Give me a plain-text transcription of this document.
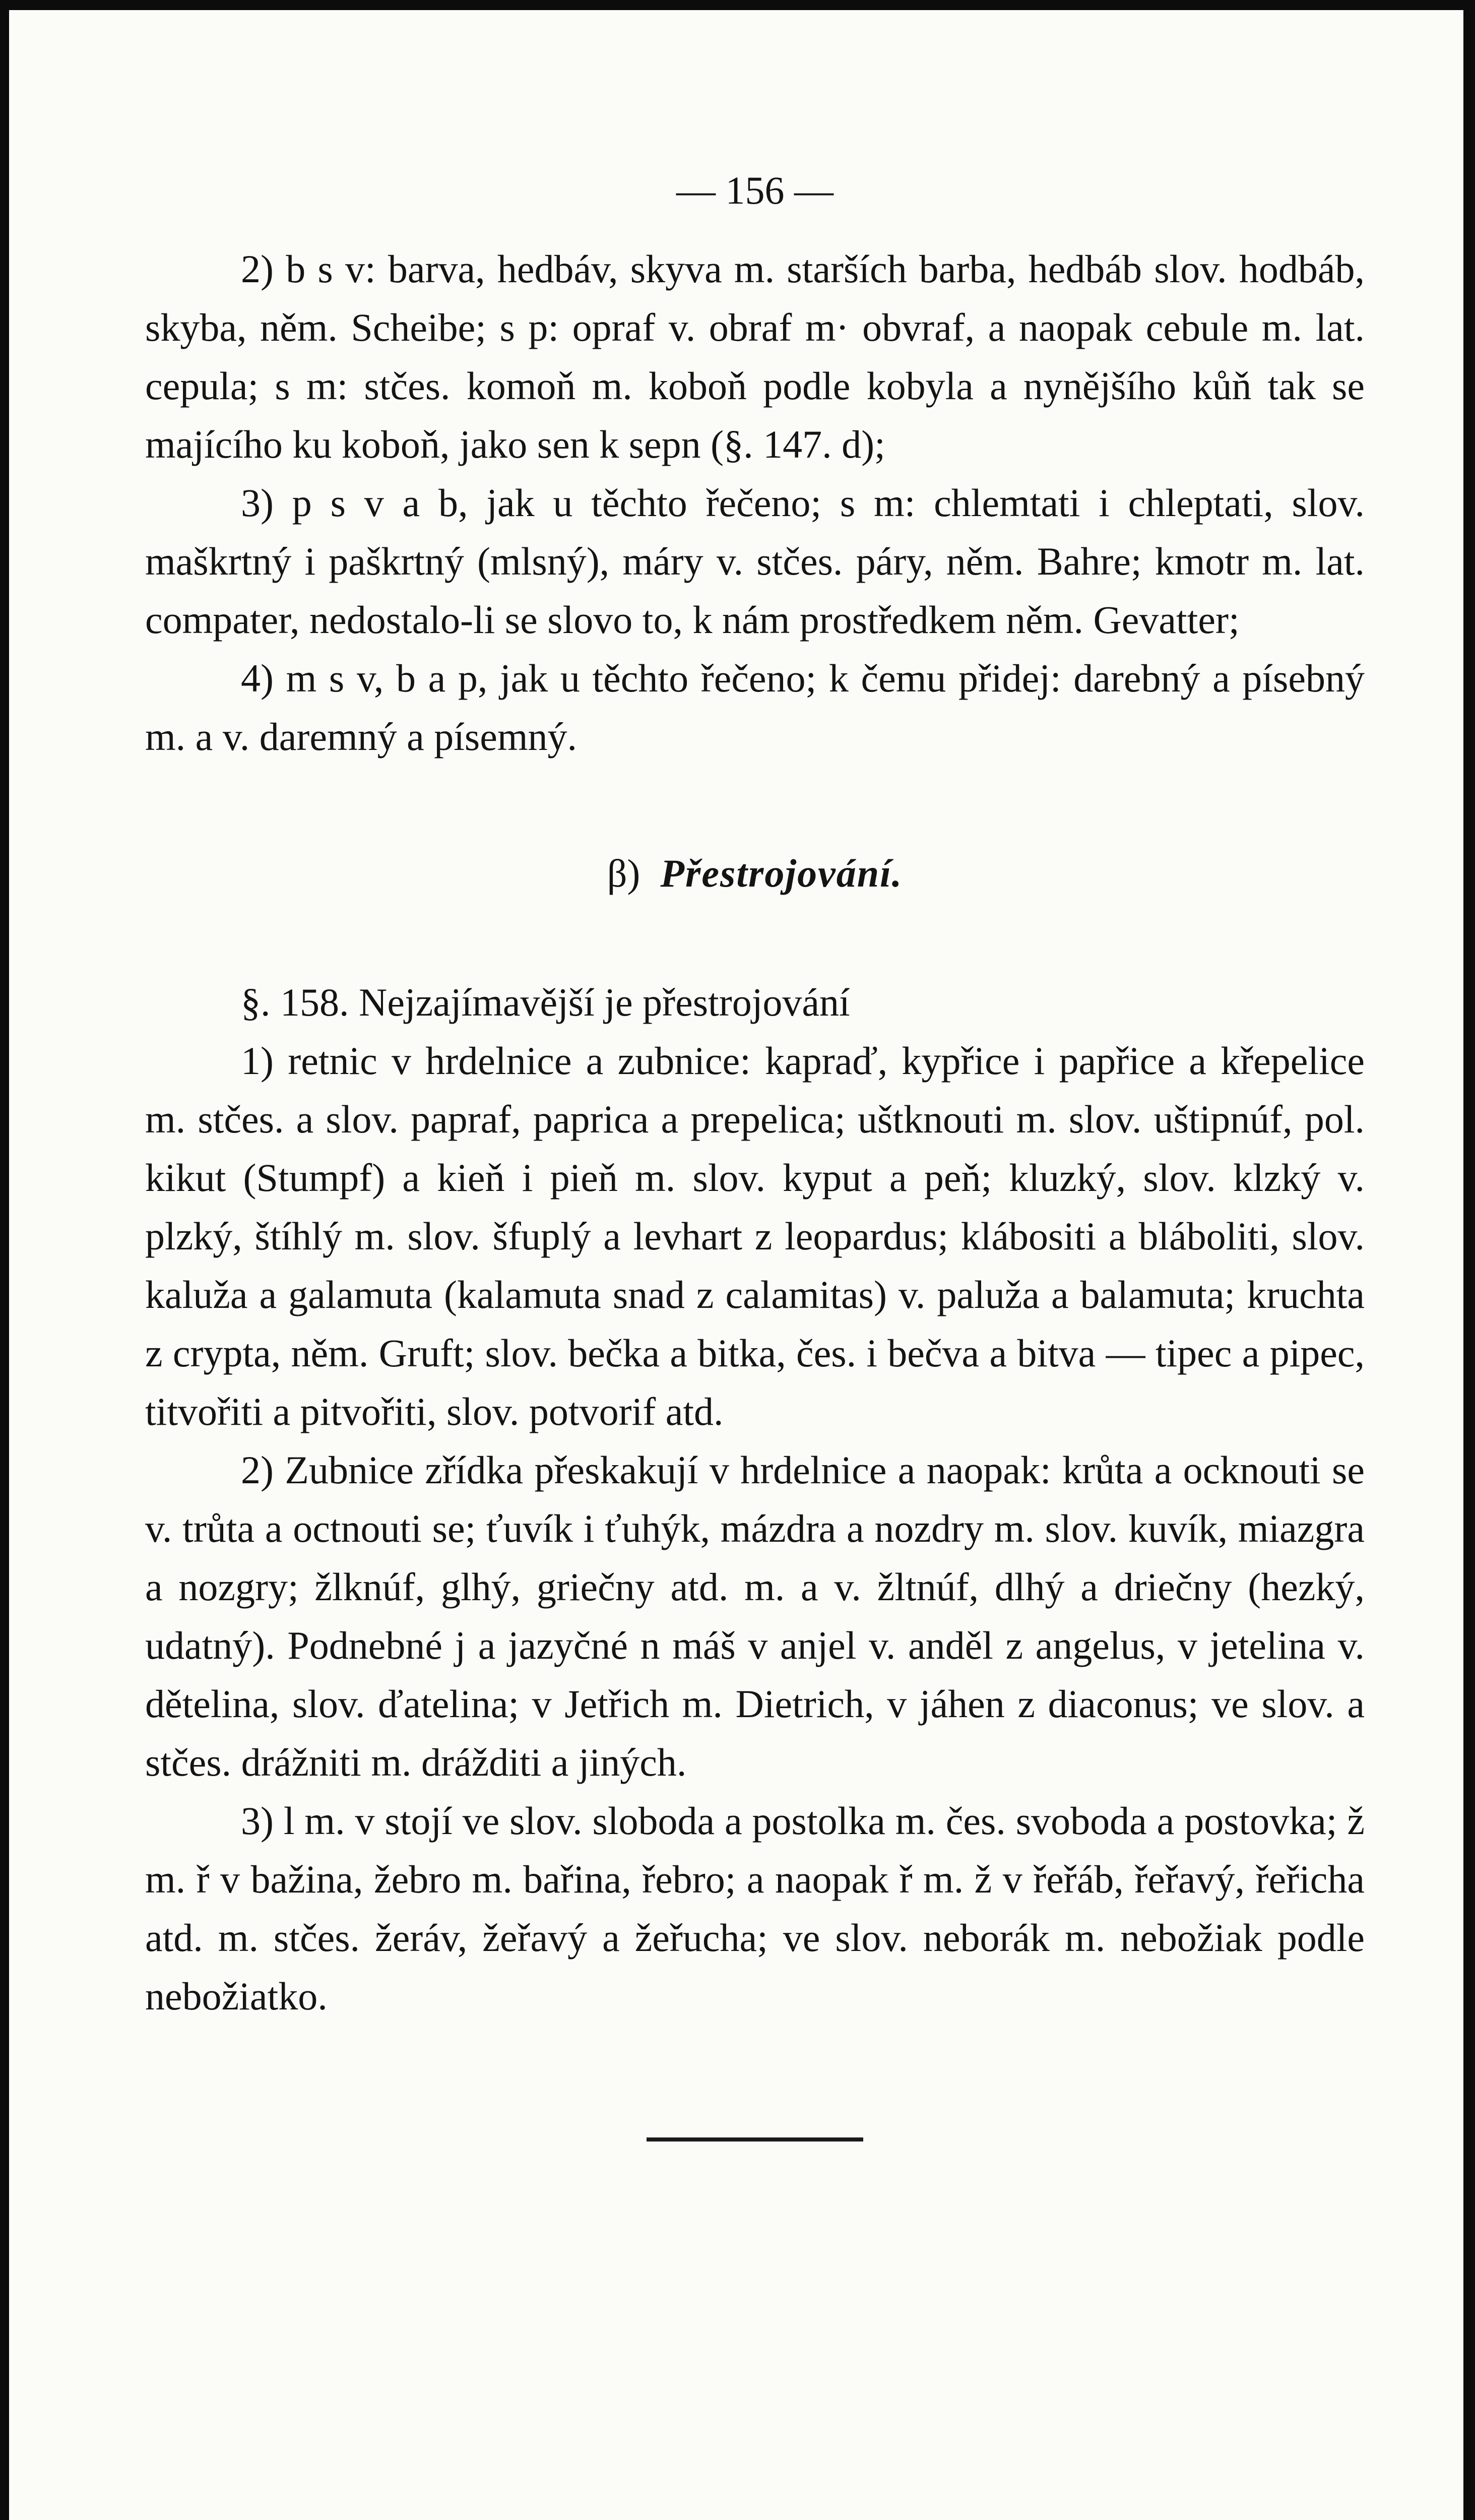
— 156 —

2) b s v: barva, hedbáv, skyva m. starších barba, hedbáb slov. hodbáb, skyba, něm. Scheibe; s p: opraf v. obraf m· obvraf, a naopak cebule m. lat. cepula; s m: stčes. komoň m. koboň podle kobyla a nynějšího kůň tak se majícího ku koboň, jako sen k sepn (§. 147. d);

3) p s v a b, jak u těchto řečeno; s m: chlemtati i chleptati, slov. maškrtný i paškrtný (mlsný), máry v. stčes. páry, něm. Bahre; kmotr m. lat. compater, nedostalo-li se slovo to, k nám prostředkem něm. Gevatter;

4) m s v, b a p, jak u těchto řečeno; k čemu přidej: darebný a písebný m. a v. daremný a písemný.

β) Přestrojování.

§. 158. Nejzajímavější je přestrojování

1) retnic v hrdelnice a zubnice: kapraď, kypřice i papřice a křepelice m. stčes. a slov. papraf, paprica a prepelica; uštknouti m. slov. uštipnúf, pol. kikut (Stumpf) a kieň i pieň m. slov. kyput a peň; kluzký, slov. klzký v. plzký, štíhlý m. slov. šfuplý a levhart z leopardus; klábositi a bláboliti, slov. kaluža a galamuta (kalamuta snad z calamitas) v. paluža a balamuta; kruchta z crypta, něm. Gruft; slov. bečka a bitka, čes. i bečva a bitva — tipec a pipec, titvořiti a pitvořiti, slov. potvorif atd.

2) Zubnice zřídka přeskakují v hrdelnice a naopak: krůta a ocknouti se v. trůta a octnouti se; ťuvík i ťuhýk, mázdra a nozdry m. slov. kuvík, miazgra a nozgry; žlknúf, glhý, griečny atd. m. a v. žltnúf, dlhý a driečny (hezký, udatný). Podnebné j a jazyčné n máš v anjel v. anděl z angelus, v jetelina v. dětelina, slov. ďatelina; v Jetřich m. Dietrich, v jáhen z diaconus; ve slov. a stčes. drážniti m. drážditi a jiných.

3) l m. v stojí ve slov. sloboda a postolka m. čes. svoboda a postovka; ž m. ř v bažina, žebro m. bařina, řebro; a naopak ř m. ž v řeřáb, řeřavý, řeřicha atd. m. stčes. žeráv, žeřavý a žeřucha; ve slov. neborák m. nebožiak podle nebožiatko.
